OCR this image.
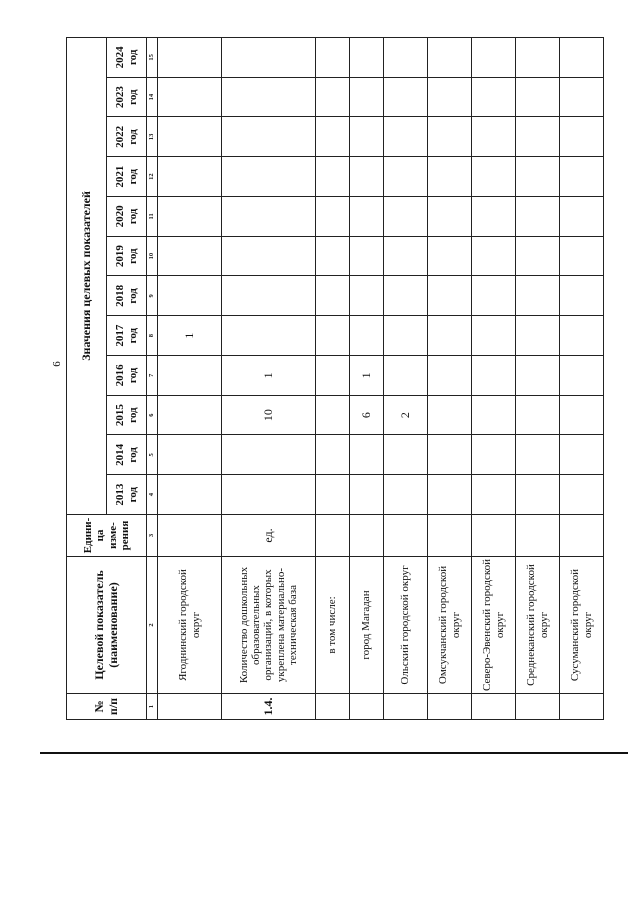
6
№ п/п	Целевой показатель (наименование)	Едини-ца изме-рения	Значения целевых показателей											
			2013 год	2014 год	2015 год	2016 год	2017 год	2018 год	2019 год	2020 год	2021 год	2022 год	2023 год	2024 год
1	2	3	4	5	6	7	8	9	10	11	12	13	14	15
	Ягоднинский городской округ						1							
1.4.	Количество дошкольных образовательных организаций, в которых укреплена материально-техническая база	ед.			10	1								
	в том числе:													
	город Магадан				6	1								
	Ольский городской округ				2									
	Омсукчанский городской округ													
	Северо-Эвенский городской округ													
	Среднеканский городской округ													
	Сусуманский городской округ													
